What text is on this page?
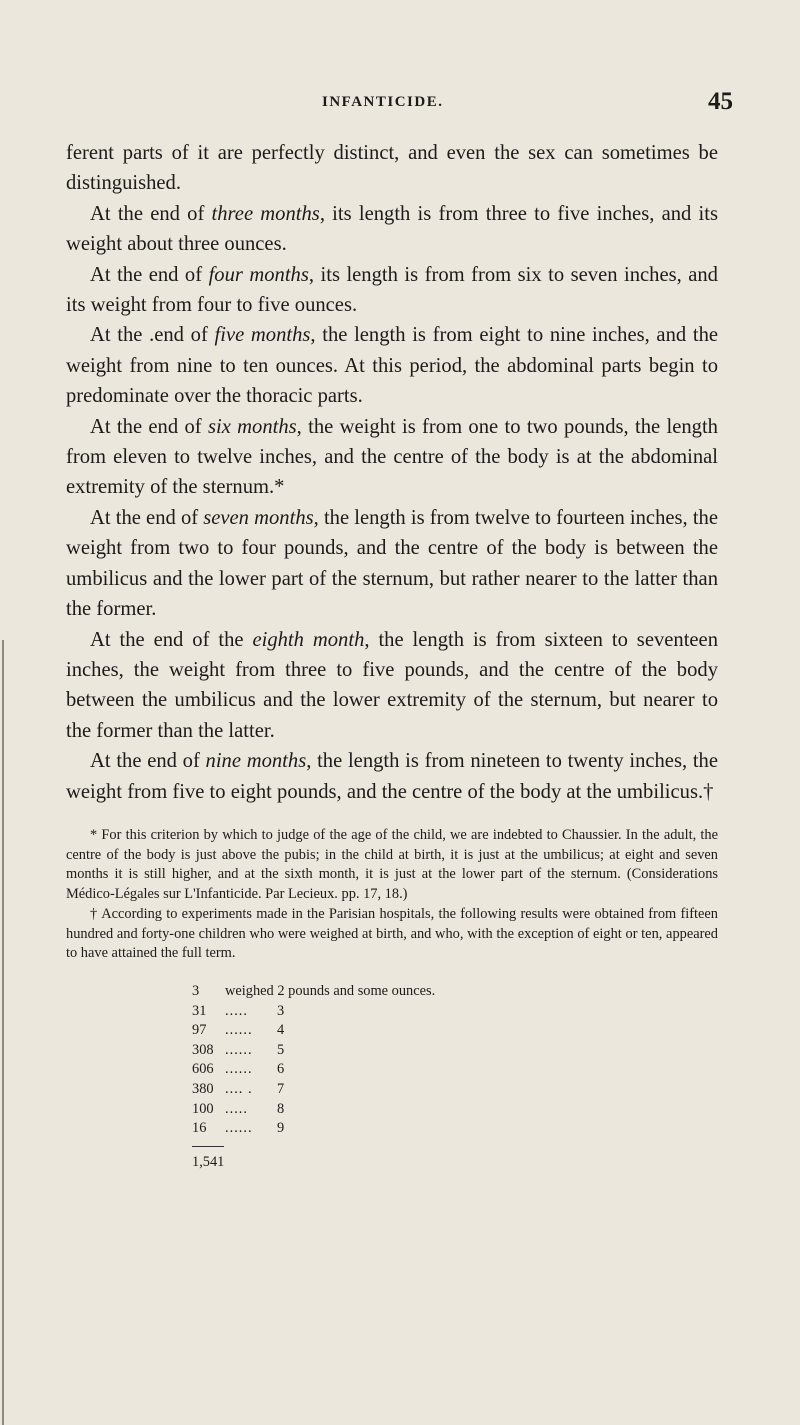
INFANTICIDE.	45

ferent parts of it are perfectly distinct, and even the sex can sometimes be distinguished.

At the end of three months, its length is from three to five inches, and its weight about three ounces.

At the end of four months, its length is from from six to seven inches, and its weight from four to five ounces.

At the .end of five months, the length is from eight to nine inches, and the weight from nine to ten ounces. At this period, the abdominal parts begin to predominate over the thoracic parts.

At the end of six months, the weight is from one to two pounds, the length from eleven to twelve inches, and the centre of the body is at the abdominal extremity of the sternum.*

At the end of seven months, the length is from twelve to fourteen inches, the weight from two to four pounds, and the centre of the body is between the umbilicus and the lower part of the sternum, but rather nearer to the latter than the former.

At the end of the eighth month, the length is from sixteen to seventeen inches, the weight from three to five pounds, and the centre of the body between the umbilicus and the lower extremity of the sternum, but nearer to the former than the latter.

At the end of nine months, the length is from nineteen to twenty inches, the weight from five to eight pounds, and the centre of the body at the umbilicus.†

* For this criterion by which to judge of the age of the child, we are indebted to Chaussier. In the adult, the centre of the body is just above the pubis; in the child at birth, it is just at the umbilicus; at eight and seven months it is still higher, and at the sixth month, it is just at the lower part of the sternum. (Considerations Médico-Légales sur L'Infanticide. Par Lecieux. pp. 17, 18.)

† According to experiments made in the Parisian hospitals, the following results were obtained from fifteen hundred and forty-one children who were weighed at birth, and who, with the exception of eight or ten, appeared to have attained the full term.

3 weighed 2 pounds and some ounces.
31 ..... 3
97 ...... 4
308 ...... 5
606 ...... 6
380 .... . 7
100 ..... 8
16 ...... 9
1,541
